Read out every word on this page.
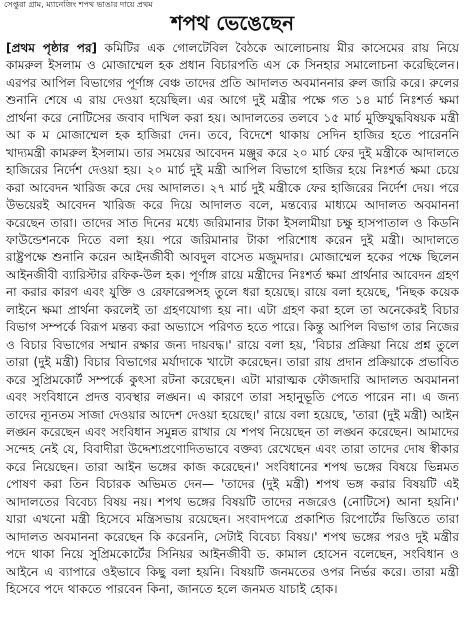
সেপ্তুরা গ্রাম, ম্যানেজিং শপথ ভাঙার দায়ে প্রথম
শপথ ভেঙেছেন
[ প্রথম পৃষ্ঠার পর ] কমিটির এক গোলটেবিল বৈঠকে আলোচনায় মীর কাসেমের রায় নিয়ে কামরুল ইসলাম ও মোজাম্মেল হক প্রধান বিচারপতি এস কে সিনহার সমালোচনা করেছিলেন। এরপর আপিল বিভাগের পূর্ণাঙ্গ বেঞ্চ তাদের প্রতি আদালত অবমাননার রুল জারি করে। রুলের শুনানি শেষে এ রায় দেওয়া হয়েছিল। এর আগে দুই মন্ত্রীর পক্ষে গত ১৪ মার্চ নিঃশর্ত ক্ষমা প্রার্থনা করে নোটিসের জবাব দাখিল করা হয়। আদালতের তলবে ১৫ মার্চ মুক্তিযুদ্ধবিষয়ক মন্ত্রী আ ক ম মোজাম্মেল হক হাজিরা দেন। তবে, বিদেশে থাকায় সেদিন হাজির হতে পারেননি খাদ্যমন্ত্রী কামরুল ইসলাম। তার সময়ের আবেদন মঞ্জুর করে ২০ মার্চ ফের দুই মন্ত্রীকে আদালতে হাজিরের নির্দেশ দেওয়া হয়। ২০ মার্চ দুই মন্ত্রী আপিল বিভাগে হাজির হয়ে নিঃশর্ত ক্ষমা চেয়ে করা আবেদন খারিজ করে দেয় আদালত। ২৭ মার্চ দুই মন্ত্রীকে ফের হাজিরের নির্দেশ দেয়। পরে উভয়েরই আবেদন খারিজ করে দিয়ে আদালত বলে, মন্তব্যের মাধ্যমে আদালত অবমাননা করেছেন তারা। তাদের সাত দিনের মধ্যে জরিমানার টাকা ইসলামীয়া চক্ষু হাসপাতাল ও কিডনি ফাউন্ডেশনকে দিতে বলা হয়। পরে জরিমানার টাকা পরিশোধ করেন দুই মন্ত্রী। আদালতে রাষ্ট্রপক্ষে শুনানি করেন আইনজীবী আবদুল বাসেত মজুমদার। মোজাম্মেল হকের পক্ষে ছিলেন আইনজীবী ব্যারিস্টার রফিক-উল হক। পূর্ণাঙ্গ রায়ে মন্ত্রীদের নিঃশর্ত ক্ষমা প্রার্থনার আবেদন গ্রহণ না করার কারণ এবং যুক্তি ও রেফারেন্সসহ তুলে ধরা হয়েছে। রায়ে বলা হয়েছে, 'নিছক কয়েক লাইনে ক্ষমা প্রার্থনা করলেই তা গ্রহণযোগ্য হয় না। এটা গ্রহণ করা হলে তা অনেকেরই বিচার বিভাগ সম্পর্কে বিরূপ মন্তব্য করা অভ্যাসে পরিণত হতে পারে। কিন্তু আপিল বিভাগ তার নিজের ও বিচার বিভাগের সম্মান রক্ষার জন্য দায়বদ্ধ।' রায়ে বলা হয়, 'বিচার প্রক্রিয়া নিয়ে প্রশ্ন তুলে তারা (দুই মন্ত্রী) বিচার বিভাগের মর্যাদাকে খাটো করেছেন। তারা রায় প্রদান প্রক্রিয়াকে প্রভাবিত করে সুপ্রিমকোর্ট সম্পর্কে কুৎসা রটনা করেছেন। এটা মারাত্মক ফৌজদারি আদালত অবমাননা এবং সংবিধানে প্রদত্ত ব্যবস্থার লঙ্ঘন। এ কারণে তারা সহানুভূতি পেতে পারেন না। এ জন্য তাদের ন্যূনতম সাজা দেওয়ার আদেশ দেওয়া হয়েছে।' রায়ে বলা হয়েছে, 'তারা (দুই মন্ত্রী) আইন লঙ্ঘন করেছেন এবং সংবিধান সমুন্নত রাখার যে শপথ নিয়েছেন তা লঙ্ঘন করেছেন। আমাদের সন্দেহ নেই যে, বিবাদীরা উদ্দেশ্যপ্রণোদিতভাবে বক্তব্য রেখেছেন এবং তারা তাদের দোষ স্বীকার করে নিয়েছেন। তারা আইন ভঙ্গের কাজ করেছেন।' সংবিধানের শপথ ভঙ্গের বিষয়ে ভিন্নমত পোষণ করা তিন বিচারক অভিমত দেন— 'তাদের (দুই মন্ত্রী) শপথ ভঙ্গ করার বিষয়টি এই আদালতের বিবেচ্য বিষয় নয়। শপথ ভঙ্গের বিষয়টি তাদের নজরেও (নোটিসে) আনা হয়নি।' যারা এখনো মন্ত্রী হিসেবে মন্ত্রিসভায় রয়েছেন। সংবাদপত্রে প্রকাশিত রিপোর্টের ভিত্তিতে তারা আদালত অবমাননা করেছেন কি করেননি, সেটাই বিবেচ্য বিষয়।' শপথ ভঙ্গের পরও দুই মন্ত্রীর পদে থাকা নিয়ে সুপ্রিমকোর্টের সিনিয়র আইনজীবী ড. কামাল হোসেন বলেছেন, সংবিধান ও আইনে এ ব্যাপারে ওইভাবে কিছু বলা হয়নি। বিষয়টি জনমতের ওপর নির্ভর করে। তারা মন্ত্রী হিসেবে পদে থাকতে পারবেন কিনা, জানতে হলে জনমত যাচাই হোক।
